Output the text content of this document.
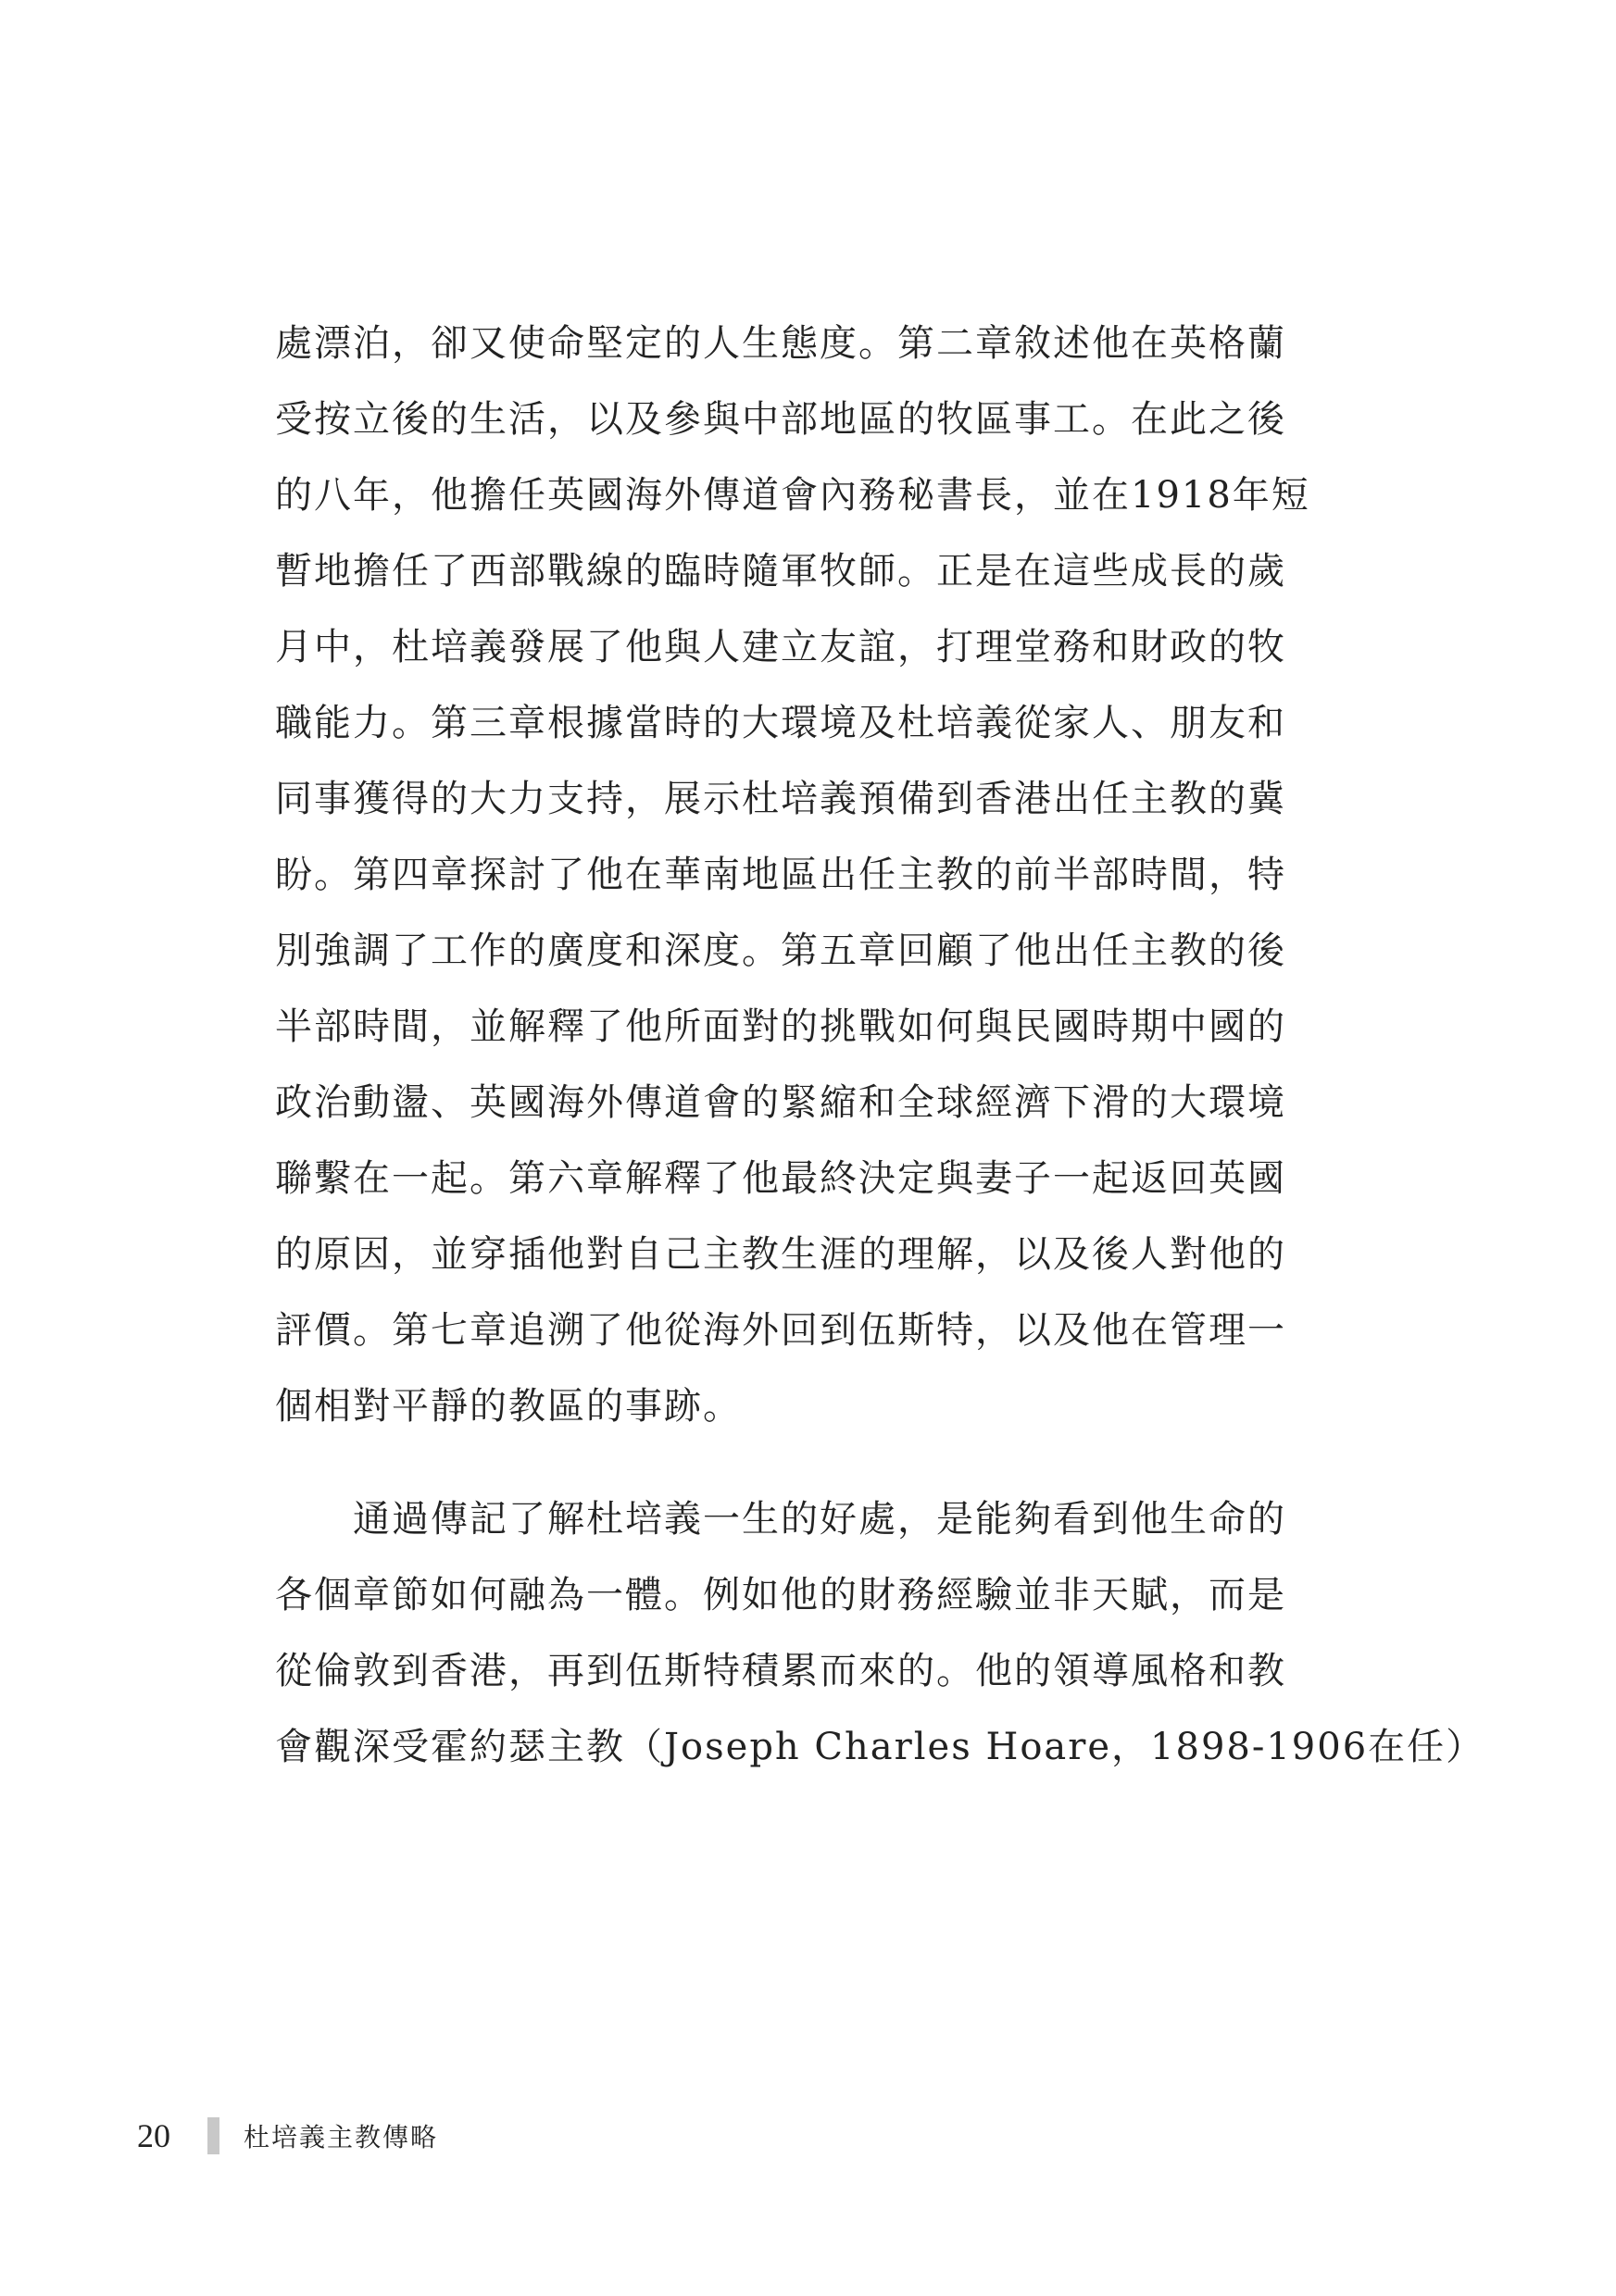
處漂泊，卻又使命堅定的人生態度。第二章敘述他在英格蘭
受按立後的生活，以及參與中部地區的牧區事工。在此之後
的八年，他擔任英國海外傳道會內務秘書長，並在1918年短
暫地擔任了西部戰線的臨時隨軍牧師。正是在這些成長的歲
月中，杜培義發展了他與人建立友誼，打理堂務和財政的牧
職能力。第三章根據當時的大環境及杜培義從家人、朋友和
同事獲得的大力支持，展示杜培義預備到香港出任主教的冀
盼。第四章探討了他在華南地區出任主教的前半部時間，特
別強調了工作的廣度和深度。第五章回顧了他出任主教的後
半部時間，並解釋了他所面對的挑戰如何與民國時期中國的
政治動盪、英國海外傳道會的緊縮和全球經濟下滑的大環境
聯繫在一起。第六章解釋了他最終決定與妻子一起返回英國
的原因，並穿插他對自己主教生涯的理解，以及後人對他的
評價。第七章追溯了他從海外回到伍斯特，以及他在管理一
個相對平靜的教區的事跡。

　　通過傳記了解杜培義一生的好處，是能夠看到他生命的
各個章節如何融為一體。例如他的財務經驗並非天賦，而是
從倫敦到香港，再到伍斯特積累而來的。他的領導風格和教
會觀深受霍約瑟主教（Joseph Charles Hoare，1898-1906在任）

20	杜培義主教傳略
